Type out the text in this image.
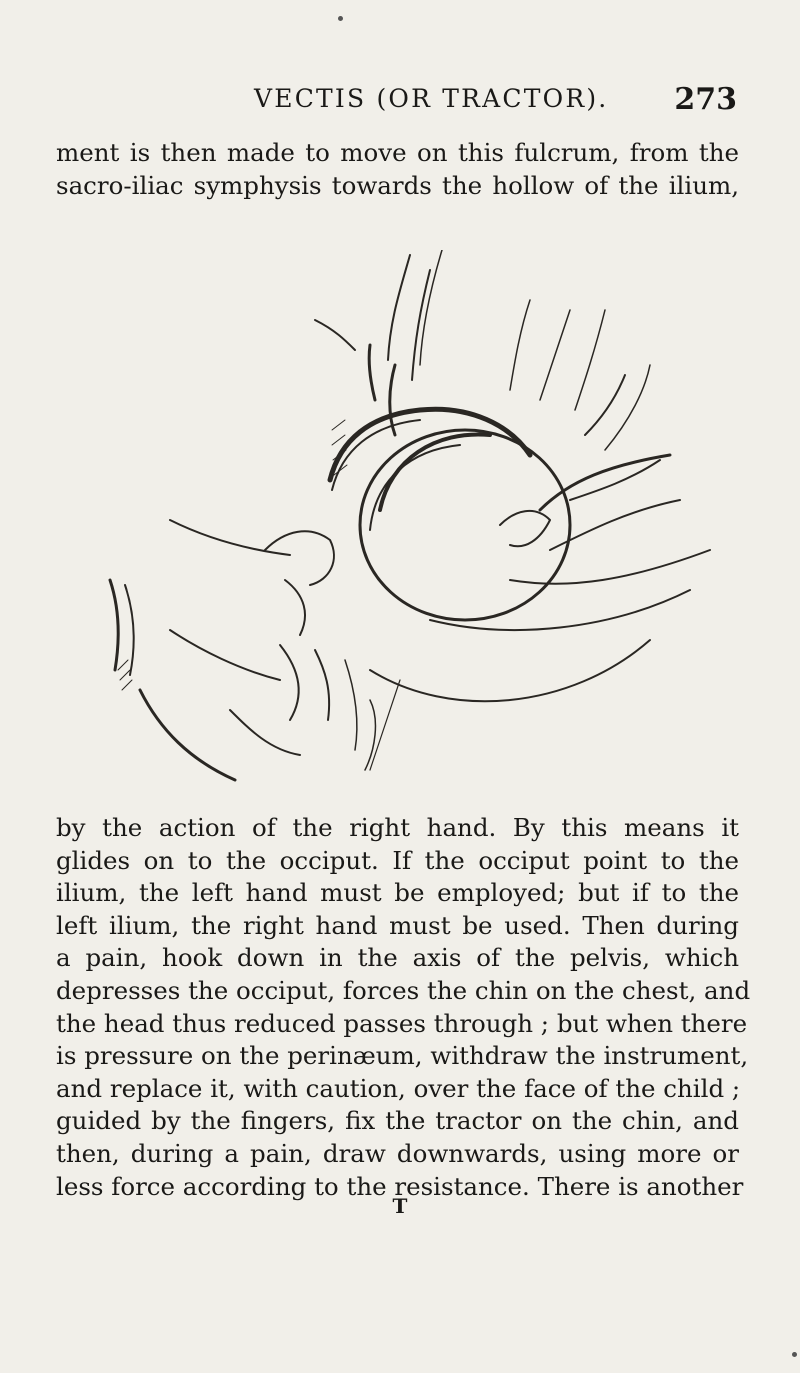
VECTIS (OR TRACTOR). 273
ment is then made to move on this fulcrum, from the
sacro-iliac symphysis towards the hollow of the ilium,
by the action of the right hand. By this means it
glides on to the occiput. If the occiput point to the
ilium, the left hand must be employed; but if to the
left ilium, the right hand must be used. Then during
a pain, hook down in the axis of the pelvis, which
depresses the occiput, forces the chin on the chest, and
the head thus reduced passes through ; but when there
is pressure on the perinæum, withdraw the instrument,
and replace it, with caution, over the face of the child ;
guided by the fingers, fix the tractor on the chin, and
then, during a pain, draw downwards, using more or
less force according to the resistance. There is another
T
